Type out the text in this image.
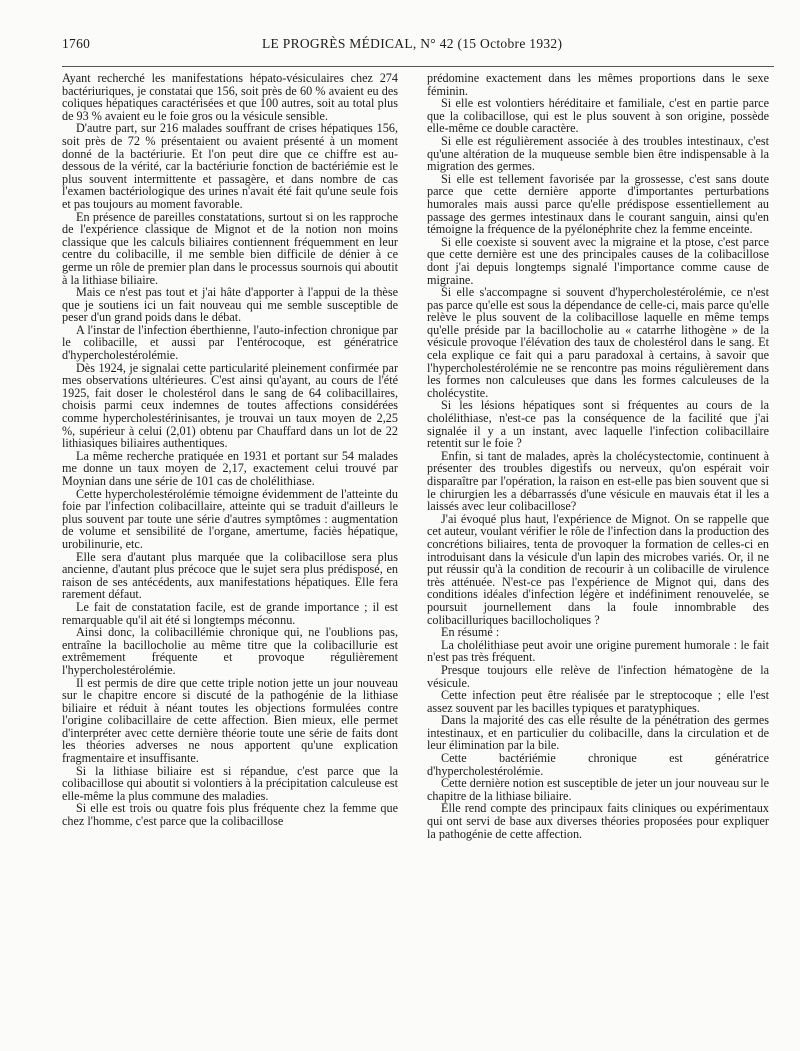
1760	LE PROGRÈS MÉDICAL, N° 42 (15 Octobre 1932)

Ayant recherché les manifestations hépato-vésiculaires chez 274 bactériuriques, je constatai que 156, soit près de 60 % avaient eu des coliques hépatiques caractérisées et que 100 autres, soit au total plus de 93 % avaient eu le foie gros ou la vésicule sensible.

D'autre part, sur 216 malades souffrant de crises hépatiques 156, soit près de 72 % présentaient ou avaient présenté à un moment donné de la bactériurie. Et l'on peut dire que ce chiffre est au-dessous de la vérité, car la bactériurie fonction de bactériémie est le plus souvent intermittente et passagère, et dans nombre de cas l'examen bactériologique des urines n'avait été fait qu'une seule fois et pas toujours au moment favorable.

En présence de pareilles constatations, surtout si on les rapproche de l'expérience classique de Mignot et de la notion non moins classique que les calculs biliaires contiennent fréquemment en leur centre du colibacille, il me semble bien difficile de dénier à ce germe un rôle de premier plan dans le processus sournois qui aboutit à la lithiase biliaire.

Mais ce n'est pas tout et j'ai hâte d'apporter à l'appui de la thèse que je soutiens ici un fait nouveau qui me semble susceptible de peser d'un grand poids dans le débat.

A l'instar de l'infection éberthienne, l'auto-infection chronique par le colibacille, et aussi par l'entérocoque, est génératrice d'hypercholestérolémie.

Dès 1924, je signalai cette particularité pleinement confirmée par mes observations ultérieures. C'est ainsi qu'ayant, au cours de l'été 1925, fait doser le cholestérol dans le sang de 64 colibacillaires, choisis parmi ceux indemnes de toutes affections considérées comme hypercholestérinisantes, je trouvai un taux moyen de 2,25 %, supérieur à celui (2,01) obtenu par Chauffard dans un lot de 22 lithiasiques biliaires authentiques.

La même recherche pratiquée en 1931 et portant sur 54 malades me donne un taux moyen de 2,17, exactement celui trouvé par Moynian dans une série de 101 cas de cholélithiase.

Cette hypercholestérolémie témoigne évidemment de l'atteinte du foie par l'infection colibacillaire, atteinte qui se traduit d'ailleurs le plus souvent par toute une série d'autres symptômes : augmentation de volume et sensibilité de l'organe, amertume, faciès hépatique, urobilinurie, etc.

Elle sera d'autant plus marquée que la colibacillose sera plus ancienne, d'autant plus précoce que le sujet sera plus prédisposé, en raison de ses antécédents, aux manifestations hépatiques. Elle fera rarement défaut.

Le fait de constatation facile, est de grande importance ; il est remarquable qu'il ait été si longtemps méconnu.

Ainsi donc, la colibacillémie chronique qui, ne l'oublions pas, entraîne la bacillocholie au même titre que la colibacillurie est extrêmement fréquente et provoque régulièrement l'hypercholestérolémie.

Il est permis de dire que cette triple notion jette un jour nouveau sur le chapitre encore si discuté de la pathogénie de la lithiase biliaire et réduit à néant toutes les objections formulées contre l'origine colibacillaire de cette affection. Bien mieux, elle permet d'interpréter avec cette dernière théorie toute une série de faits dont les théories adverses ne nous apportent qu'une explication fragmentaire et insuffisante.

Si la lithiase biliaire est si répandue, c'est parce que la colibacillose qui aboutit si volontiers à la précipitation calculeuse est elle-même la plus commune des maladies.

Si elle est trois ou quatre fois plus fréquente chez la femme que chez l'homme, c'est parce que la colibacillose

prédomine exactement dans les mêmes proportions dans le sexe féminin.

Si elle est volontiers héréditaire et familiale, c'est en partie parce que la colibacillose, qui est le plus souvent à son origine, possède elle-même ce double caractère.

Si elle est régulièrement associée à des troubles intestinaux, c'est qu'une altération de la muqueuse semble bien être indispensable à la migration des germes.

Si elle est tellement favorisée par la grossesse, c'est sans doute parce que cette dernière apporte d'importantes perturbations humorales mais aussi parce qu'elle prédispose essentiellement au passage des germes intestinaux dans le courant sanguin, ainsi qu'en témoigne la fréquence de la pyélonéphrite chez la femme enceinte.

Si elle coexiste si souvent avec la migraine et la ptose, c'est parce que cette dernière est une des principales causes de la colibacillose dont j'ai depuis longtemps signalé l'importance comme cause de migraine.

Si elle s'accompagne si souvent d'hypercholestérolémie, ce n'est pas parce qu'elle est sous la dépendance de celle-ci, mais parce qu'elle relève le plus souvent de la colibacillose laquelle en même temps qu'elle préside par la bacillocholie au « catarrhe lithogène » de la vésicule provoque l'élévation des taux de cholestérol dans le sang. Et cela explique ce fait qui a paru paradoxal à certains, à savoir que l'hypercholestérolémie ne se rencontre pas moins régulièrement dans les formes non calculeuses que dans les formes calculeuses de la cholécystite.

Si les lésions hépatiques sont si fréquentes au cours de la cholélithiase, n'est-ce pas la conséquence de la facilité que j'ai signalée il y a un instant, avec laquelle l'infection colibacillaire retentit sur le foie ?

Enfin, si tant de malades, après la cholécystectomie, continuent à présenter des troubles digestifs ou nerveux, qu'on espérait voir disparaître par l'opération, la raison en est-elle pas bien souvent que si le chirurgien les a débarrassés d'une vésicule en mauvais état il les a laissés avec leur colibacillose?

J'ai évoqué plus haut, l'expérience de Mignot. On se rappelle que cet auteur, voulant vérifier le rôle de l'infection dans la production des concrétions biliaires, tenta de provoquer la formation de celles-ci en introduisant dans la vésicule d'un lapin des microbes variés. Or, il ne put réussir qu'à la condition de recourir à un colibacille de virulence très atténuée. N'est-ce pas l'expérience de Mignot qui, dans des conditions idéales d'infection légère et indéfiniment renouvelée, se poursuit journellement dans la foule innombrable des colibacilluriques bacillocholiques ?

En résumé :

La cholélithiase peut avoir une origine purement humorale : le fait n'est pas très fréquent.

Presque toujours elle relève de l'infection hématogène de la vésicule.

Cette infection peut être réalisée par le streptocoque ; elle l'est assez souvent par les bacilles typiques et paratyphiques.

Dans la majorité des cas elle résulte de la pénétration des germes intestinaux, et en particulier du colibacille, dans la circulation et de leur élimination par la bile.

Cette bactériémie chronique est génératrice d'hypercholestérolémie.

Cette dernière notion est susceptible de jeter un jour nouveau sur le chapitre de la lithiase biliaire.

Elle rend compte des principaux faits cliniques ou expérimentaux qui ont servi de base aux diverses théories proposées pour expliquer la pathogénie de cette affection.
